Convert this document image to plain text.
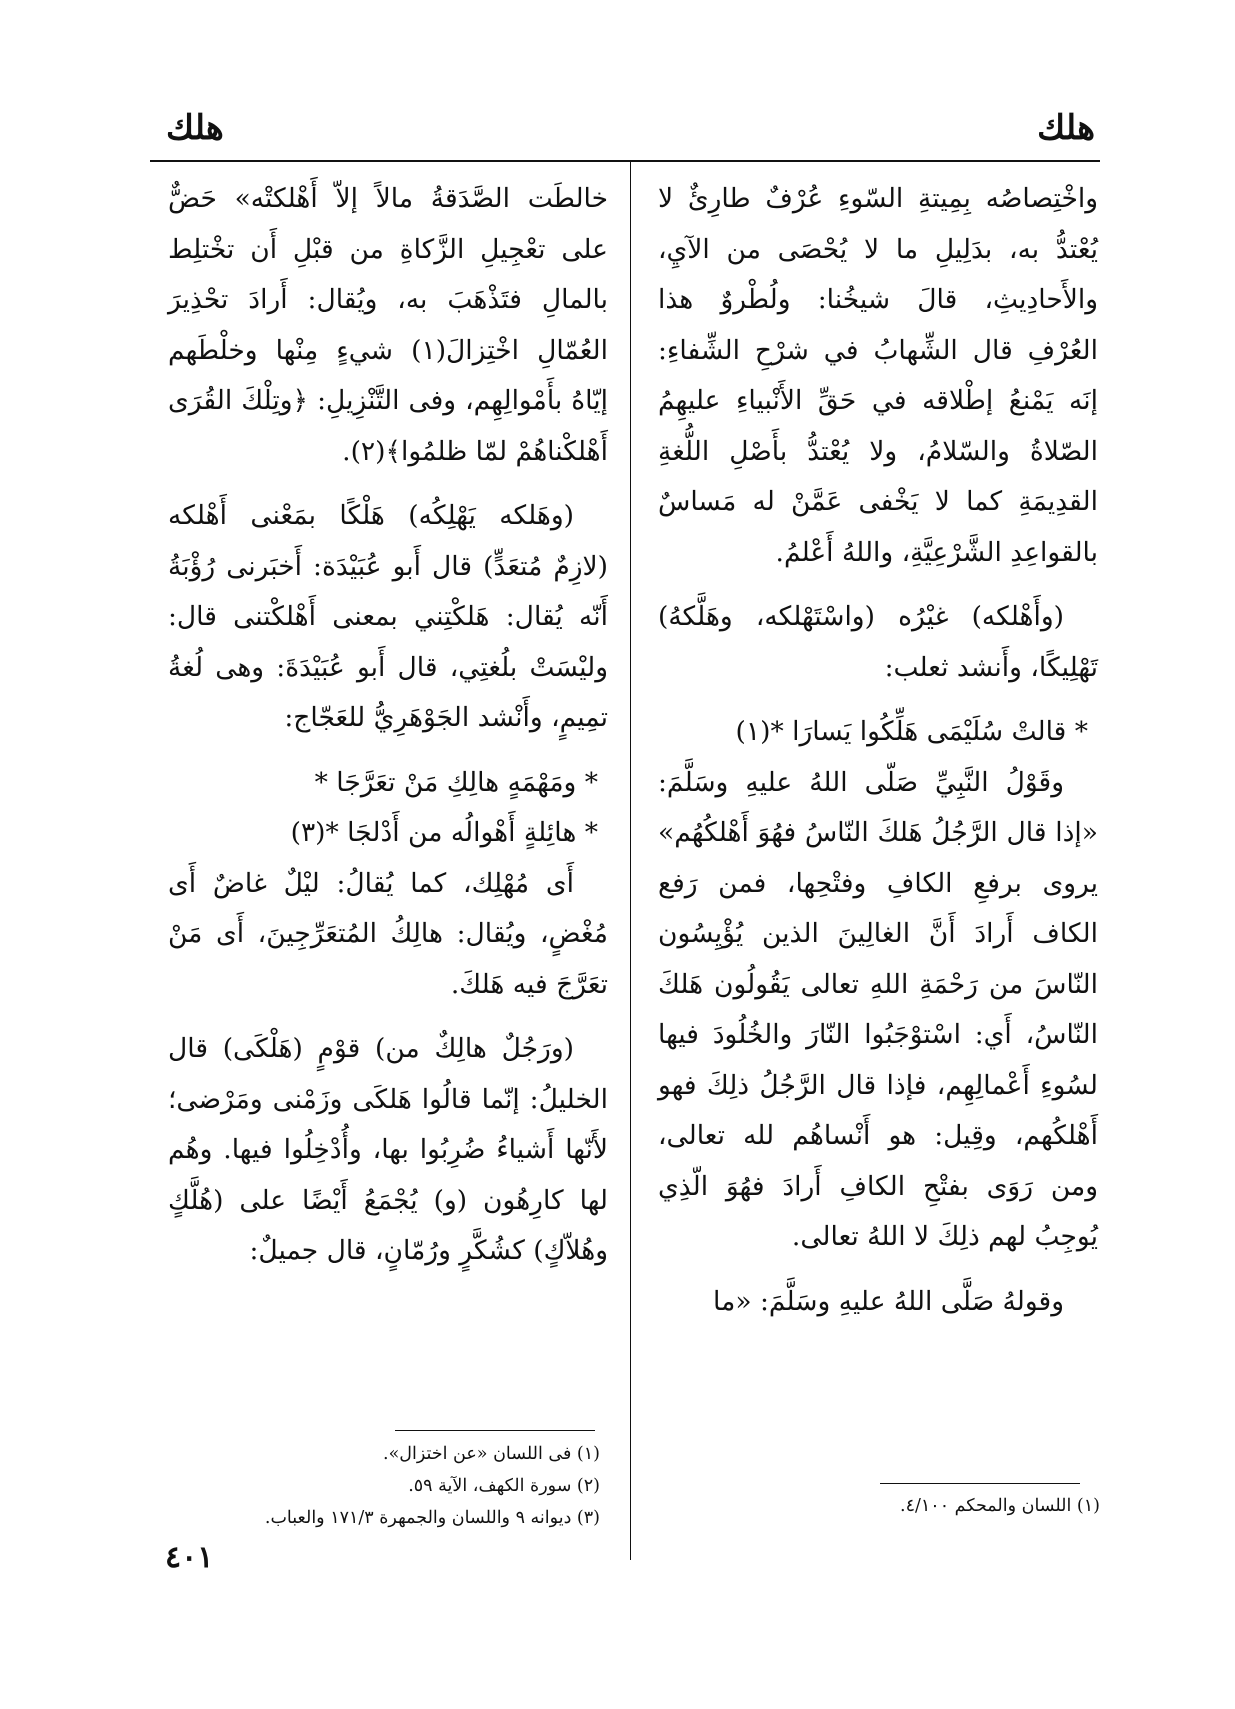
هلك
هلك

واخْتِصاصُه بِمِيتةِ السّوءِ عُرْفٌ طارِئٌ لا يُعْتدُّ به، بدَلِيلِ ما لا يُحْصَى من الآيِ، والأَحادِيثِ، قالَ شيخُنا: ولُطْروٌ هذا العُرْفِ قال الشِّهابُ في شرْحِ الشِّفاءِ: إنَه يَمْنعُ إطْلاقه في حَقِّ الأَنْبياءِ عليهِمُ الصّلاةُ والسّلامُ، ولا يُعْتدُّ بأَصْلِ اللُّغةِ القدِيمَةِ كما لا يَخْفى عَمَّنْ له مَساسٌ بالقواعِدِ الشَّرْعِيَّةِ، واللهُ أَعْلمُ.

(وأَهْلكه) غيْرُه (واسْتَهْلكه، وهَلَّكهُ) تَهْلِيكًا، وأَنشد ثعلب:

* قالتْ سُلَيْمَى هَلِّكُوا يَسارَا *(١)

وقَوْلُ النَّبِيِّ صَلّى اللهُ عليهِ وسَلَّمَ: «إذا قال الرَّجُلُ هَلكَ النّاسُ فهُوَ أَهْلكُهُم» يروى برفعِ الكافِ وفتْحِها، فمن رَفع الكاف أَرادَ أَنَّ الغالِينَ الذين يُؤْيِسُون النّاسَ من رَحْمَةِ اللهِ تعالى يَقُولُون هَلكَ النّاسُ، أَي: اسْتوْجَبُوا النّارَ والخُلُودَ فيها لسُوءِ أَعْمالِهِم، فإذا قال الرَّجُلُ ذلِكَ فهو أَهْلكُهم، وقِيل: هو أَنْساهُم لله تعالى، ومن رَوَى بفتْحِ الكافِ أَرادَ فهُوَ الّذِي يُوجِبُ لهم ذلِكَ لا اللهُ تعالى.

وقولهُ صَلَّى اللهُ عليهِ وسَلَّمَ: «ما

خالطَت الصَّدَقةُ مالاً إلاّ أَهْلكتْه» حَضٌّ على تعْجِيلِ الزَّكاةِ من قبْلِ أَن تخْتلِط بالمالِ فتَذْهَبَ به، ويُقال: أَرادَ تحْذِيرَ العُمّالِ اخْتِزالَ(١) شيءٍ مِنْها وخلْطَهم إيّاهُ بأَمْوالِهِم، وفى التَّنْزِيلِ: ﴿وتِلْكَ القُرَى أَهْلكْناهُمْ لمّا ظلمُوا﴾(٢).

(وهَلكه يَهْلِكُه) هَلْكًا بمَعْنى أَهْلكه (لازِمٌ مُتعَدٍّ) قال أَبو عُبَيْدَة: أَخبَرنى رُؤْبَةُ أَنّه يُقال: هَلكْتِني بمعنى أَهْلكْتنى قال: وليْسَتْ بلُغتِي، قال أَبو عُبَيْدَةَ: وهى لُغةُ تمِيمٍ، وأَنْشد الجَوْهَرِيُّ للعَجّاج:

* ومَهْمَهٍ هالِكِ مَنْ تعَرَّجَا *

* هائِلةٍ أَهْوالُه من أَدْلجَا *(٣)

أَى مُهْلِك، كما يُقالُ: ليْلٌ غاضٌ أَى مُغْضٍ، ويُقال: هالِكُ المُتعَرِّجِينَ، أَى مَنْ تعَرَّجَ فيه هَلكَ.

(ورَجُلٌ هالِكٌ من) قوْمٍ (هَلْكَى) قال الخليلُ: إنّما قالُوا هَلكَى وزَمْنى ومَرْضى؛ لأَنّها أَشياءُ ضُرِبُوا بها، وأُدْخِلُوا فيها. وهُم لها كارِهُون (و) يُجْمَعُ أَيْضًا على (هُلَّكٍ وهُلاّكٍ) كشُكَّرٍ ورُمّانٍ، قال جميلٌ:

(١) اللسان والمحكم ٤/١٠٠.

(١) فى اللسان «عن اختزال».

(٢) سورة الكهف، الآية ٥٩.

(٣) ديوانه ٩ واللسان والجمهرة ١٧١/٣ والعباب.

٤٠١
